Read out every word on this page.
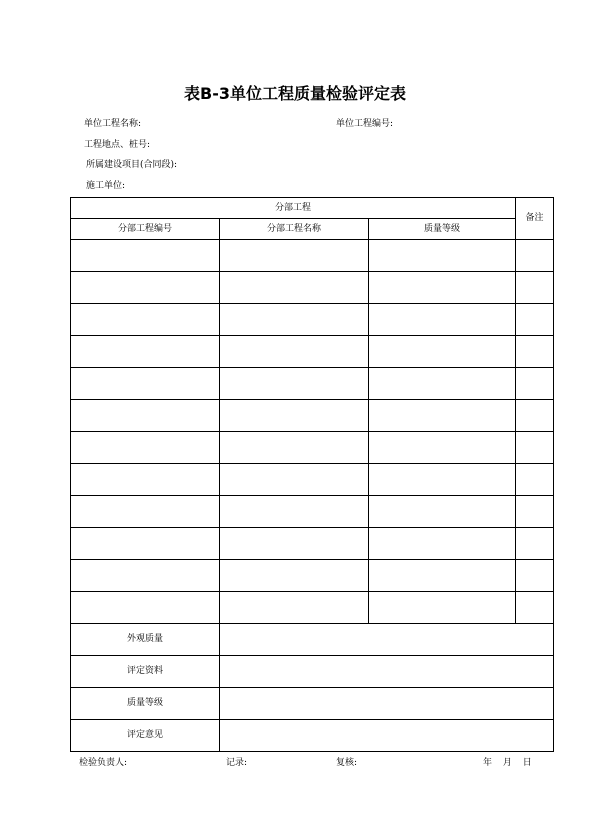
表B-3单位工程质量检验评定表
单位工程名称:	单位工程编号:
工程地点、桩号:
所属建设项目(合同段):
施工单位:
分部工程			备注
分部工程编号	分部工程名称	质量等级	

外观质量			
评定资料			
质量等级			
评定意见			
检验负责人:	记录:	复核:	年 月 日
